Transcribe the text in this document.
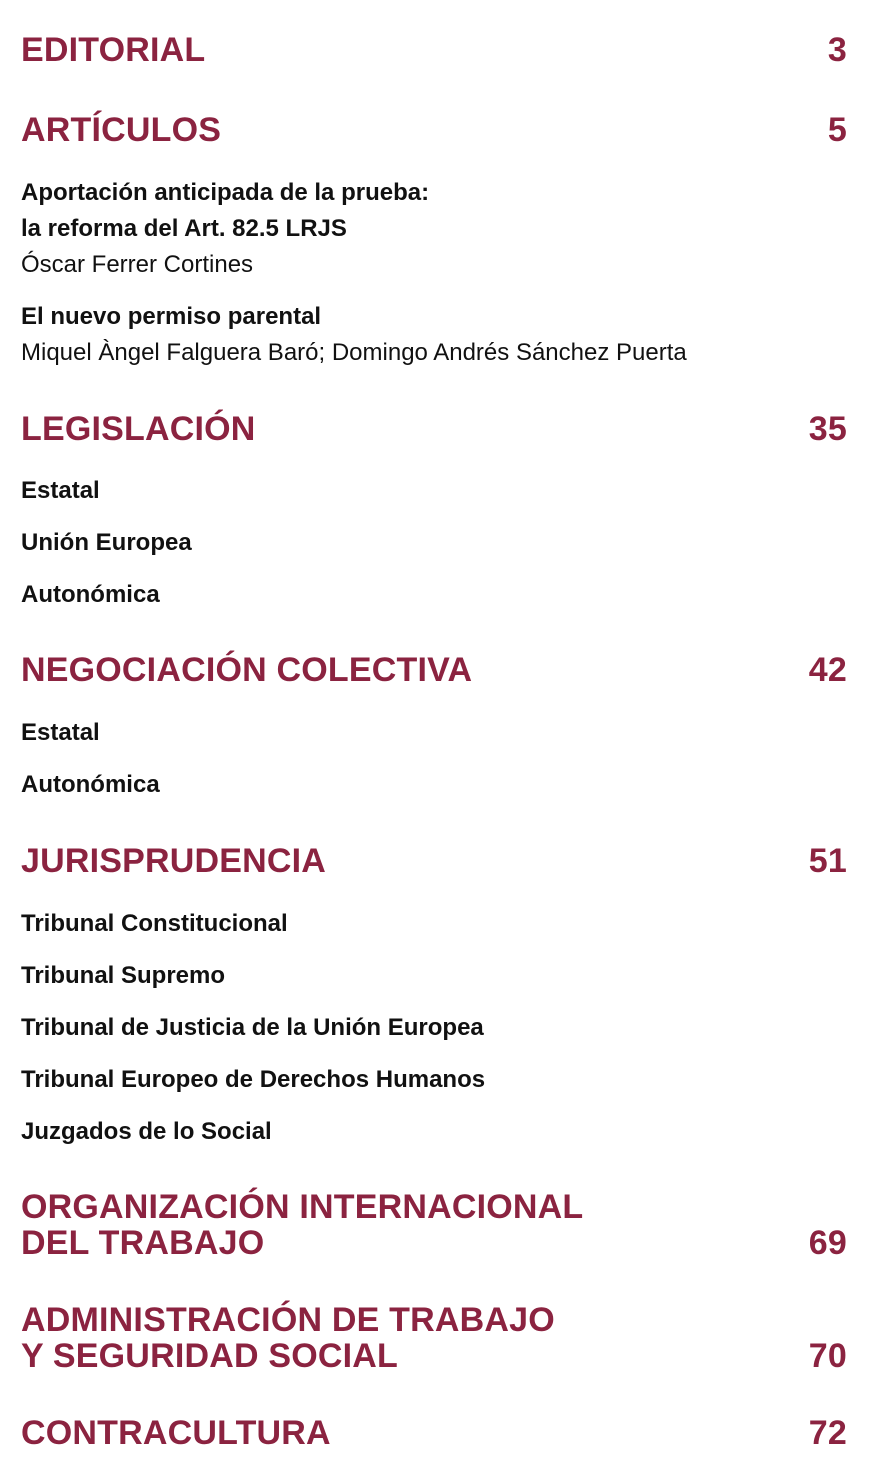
EDITORIAL	3
ARTÍCULOS	5
Aportación anticipada de la prueba:
la reforma del Art. 82.5 LRJS
Óscar Ferrer Cortines
El nuevo permiso parental
Miquel Àngel Falguera Baró; Domingo Andrés Sánchez Puerta
LEGISLACIÓN	35
Estatal
Unión Europea
Autonómica
NEGOCIACIÓN COLECTIVA	42
Estatal
Autonómica
JURISPRUDENCIA	51
Tribunal Constitucional
Tribunal Supremo
Tribunal de Justicia de la Unión Europea
Tribunal Europeo de Derechos Humanos
Juzgados de lo Social
ORGANIZACIÓN INTERNACIONAL
DEL TRABAJO	69
ADMINISTRACIÓN DE TRABAJO
Y SEGURIDAD SOCIAL	70
CONTRACULTURA	72
